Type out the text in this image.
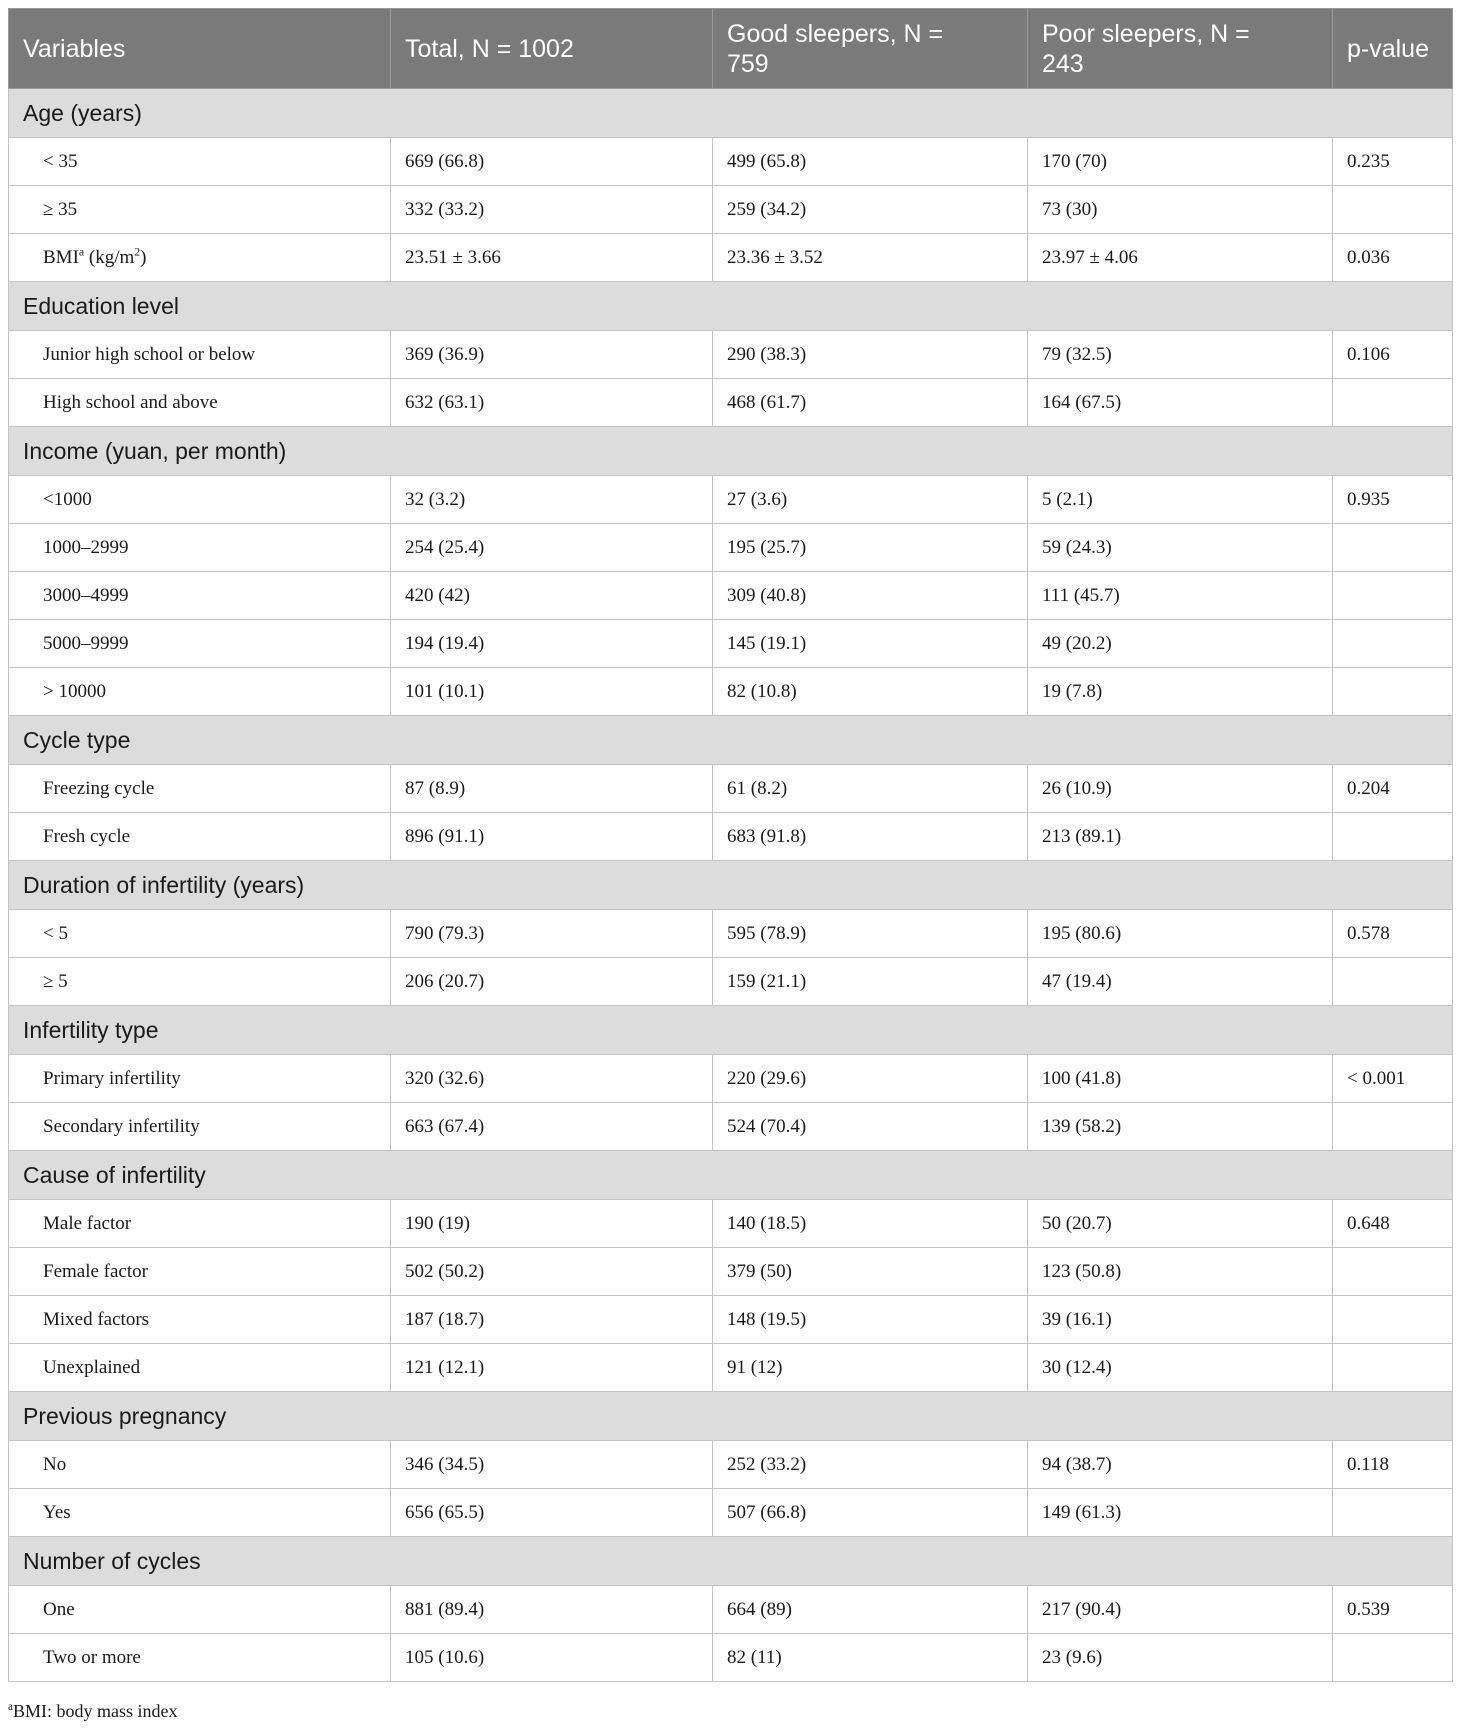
Variables	Total, N = 1002	Good sleepers, N = 759	Poor sleepers, N = 243	p-value
Age (years)				
< 35	669 (66.8)	499 (65.8)	170 (70)	0.235
≥ 35	332 (33.2)	259 (34.2)	73 (30)	
BMI$^a$ $(kg/m^2)$	23.51 ± 3.66	23.36 ± 3.52	23.97 ± 4.06	0.036
Education level				
Junior high school or below	369 (36.9)	290 (38.3)	79 (32.5)	0.106
High school and above	632 (63.1)	468 (61.7)	164 (67.5)	
Income (yuan, per month)				
<1000	32 (3.2)	27 (3.6)	5 (2.1)	0.935
1000–2999	254 (25.4)	195 (25.7)	59 (24.3)	
3000–4999	420 (42)	309 (40.8)	111 (45.7)	
5000–9999	194 (19.4)	145 (19.1)	49 (20.2)	
> 10000	101 (10.1)	82 (10.8)	19 (7.8)	
Cycle type				
Freezing cycle	87 (8.9)	61 (8.2)	26 (10.9)	0.204
Fresh cycle	896 (91.1)	683 (91.8)	213 (89.1)	
Duration of infertility (years)				
< 5	790 (79.3)	595 (78.9)	195 (80.6)	0.578
≥ 5	206 (20.7)	159 (21.1)	47 (19.4)	
Infertility type				
Primary infertility	320 (32.6)	220 (29.6)	100 (41.8)	< 0.001
Secondary infertility	663 (67.4)	524 (70.4)	139 (58.2)	
Cause of infertility				
Male factor	190 (19)	140 (18.5)	50 (20.7)	0.648
Female factor	502 (50.2)	379 (50)	123 (50.8)	
Mixed factors	187 (18.7)	148 (19.5)	39 (16.1)	
Unexplained	121 (12.1)	91 (12)	30 (12.4)	
Previous pregnancy				
No	346 (34.5)	252 (33.2)	94 (38.7)	0.118
Yes	656 (65.5)	507 (66.8)	149 (61.3)	
Number of cycles				
One	881 (89.4)	664 (89)	217 (90.4)	0.539
Two or more	105 (10.6)	82 (11)	23 (9.6)	
$^a$BMI: body mass index
